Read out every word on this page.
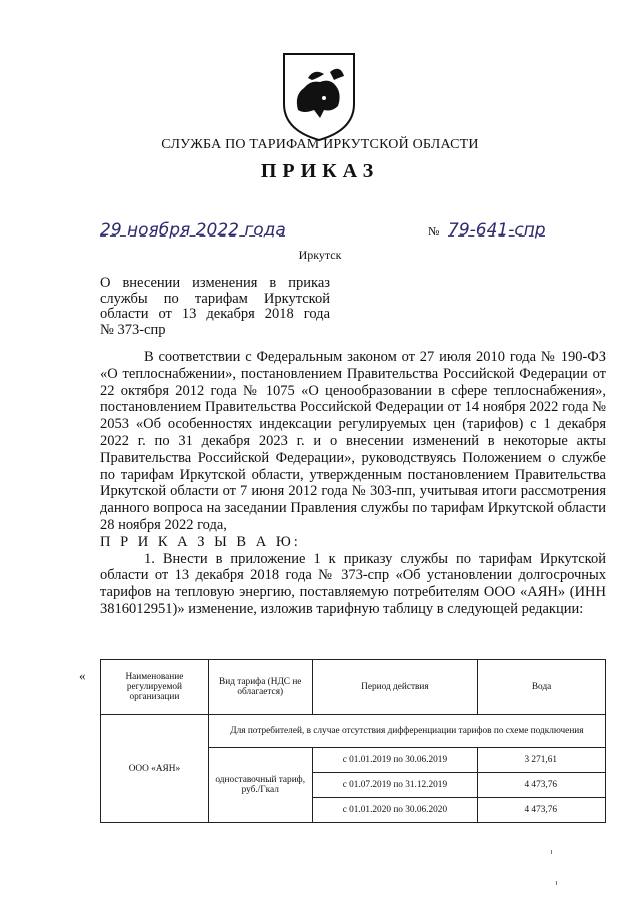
СЛУЖБА ПО ТАРИФАМ ИРКУТСКОЙ ОБЛАСТИ
ПРИКАЗ
29 ноября 2022 года	№ 79-641-спр
Иркутск
О внесении изменения в приказ
службы по тарифам Иркутской
области от 13 декабря 2018 года
№ 373-спр

В соответствии с Федеральным законом от 27 июля 2010 года № 190-ФЗ «О теплоснабжении», постановлением Правительства Российской Федерации от 22 октября 2012 года № 1075 «О ценообразовании в сфере теплоснабжения», постановлением Правительства Российской Федерации от 14 ноября 2022 года № 2053 «Об особенностях индексации регулируемых цен (тарифов) с 1 декабря 2022 г. по 31 декабря 2023 г. и о внесении изменений в некоторые акты Правительства Российской Федерации», руководствуясь Положением о службе по тарифам Иркутской области, утвержденным постановлением Правительства Иркутской области от 7 июня 2012 года № 303-пп, учитывая итоги рассмотрения данного вопроса на заседании Правления службы по тарифам Иркутской области 28 ноября 2022 года,

П Р И К А З Ы В А Ю:

1. Внести в приложение 1 к приказу службы по тарифам Иркутской области от 13 декабря 2018 года № 373-спр «Об установлении долгосрочных тарифов на тепловую энергию, поставляемую потребителям ООО «АЯН» (ИНН 3816012951)» изменение, изложив тарифную таблицу в следующей редакции:

«	Наименование регулируемой организации	Вид тарифа (НДС не облагается)	Период действия	Вода
ООО «АЯН»	Для потребителей, в случае отсутствия дифференциации тарифов по схеме подключения		
	одноставочный тариф, руб./Гкал	с 01.01.2019 по 30.06.2019	3 271,61
		с 01.07.2019 по 31.12.2019	4 473,76
		с 01.01.2020 по 30.06.2020	4 473,76
